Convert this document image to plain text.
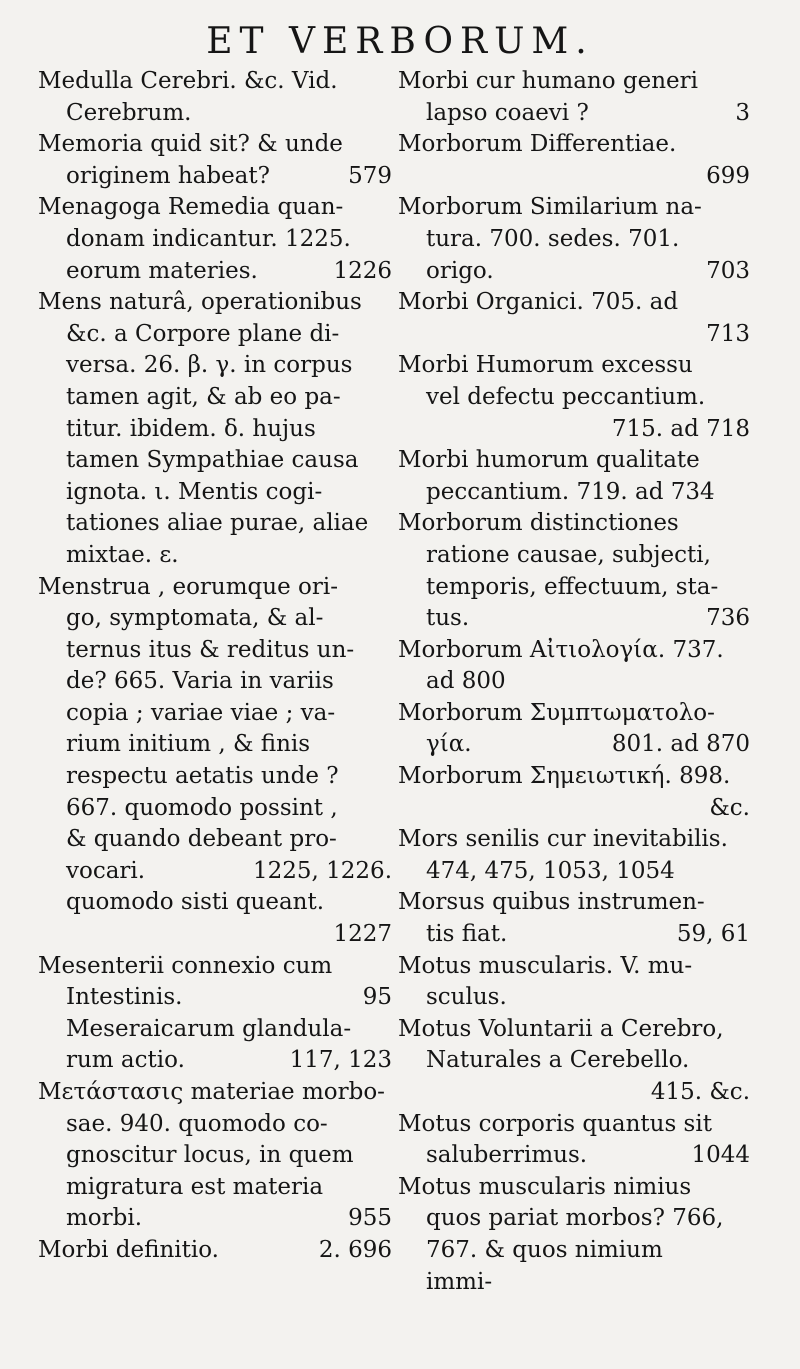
ET VERBORUM.
Medulla Cerebri. &c. Vid.
Cerebrum.
Memoria quid sit? & unde
originem habeat?	579
Menagoga Remedia quan-
donam indicantur. 1225.
eorum materies.	1226
Mens naturâ, operationibus
&c. a Corpore plane di-
versa. 26. β. γ. in corpus
tamen agit, & ab eo pa-
titur. ibidem. δ. hujus
tamen Sympathiae causa
ignota. ι. Mentis cogi-
tationes aliae purae, aliae
mixtae. ε.
Menstrua , eorumque ori-
go, symptomata, & al-
ternus itus & reditus un-
de? 665. Varia in variis
copia ; variae viae ; va-
rium initium , & finis
respectu aetatis unde ?
667. quomodo possint ,
& quando debeant pro-
vocari.	1225, 1226.
quomodo sisti queant.
1227
Mesenterii connexio cum
Intestinis.	95
Meseraicarum glandula-
rum actio.	117, 123
Μετάστασις materiae morbo-
sae. 940. quomodo co-
gnoscitur locus, in quem
migratura est materia
morbi.	955
Morbi definitio.	2. 696
Morbi cur humano generi
lapso coaevi ?	3
Morborum Differentiae.
699
Morborum Similarium na-
tura. 700. sedes. 701.
origo.	703
Morbi Organici. 705. ad
713
Morbi Humorum excessu
vel defectu peccantium.
715. ad 718
Morbi humorum qualitate
peccantium. 719. ad 734
Morborum distinctiones
ratione causae, subjecti,
temporis, effectuum, sta-
tus.	736
Morborum Αἰτιολογία. 737.
ad 800
Morborum Συμπτωματολο-
γία.	801. ad 870
Morborum Σημειωτική. 898.
&c.
Mors senilis cur inevitabilis.
474, 475, 1053, 1054
Morsus quibus instrumen-
tis fiat.	59, 61
Motus muscularis. V. mu-
sculus.
Motus Voluntarii a Cerebro,
Naturales a Cerebello.
415. &c.
Motus corporis quantus sit
saluberrimus.	1044
Motus muscularis nimius
quos pariat morbos? 766,
767. & quos nimium
immi-
